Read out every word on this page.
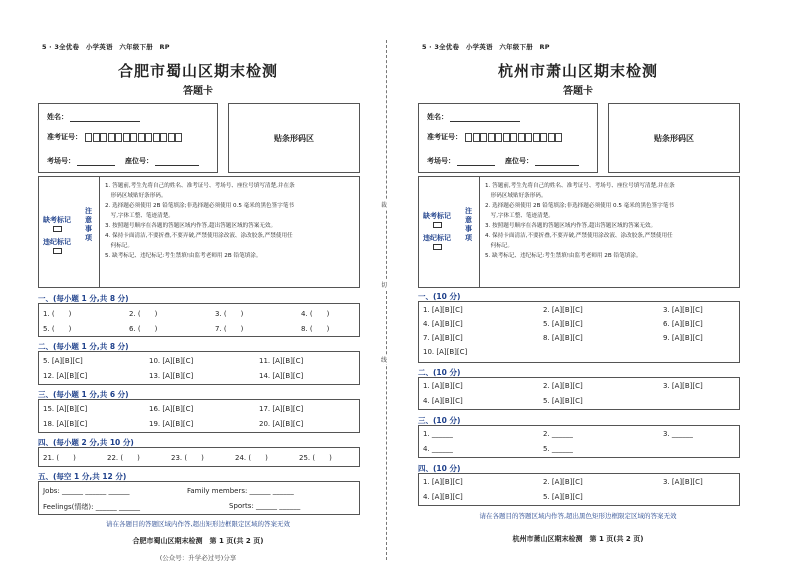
5 · 3全优卷　小学英语　六年级下册　RP
合肥市蜀山区期末检测
答题卡
姓名：
准考证号：
考场号：	座位号：
贴条形码区
缺考标记
违纪标记
注意事项
1. 答题前,考生先将自己的姓名、准考证号、考场号、座位号填写清楚,并在条
　形码区域贴好条形码。
2. 选择题必须使用 2B 铅笔填涂;非选择题必须使用 0.5 毫米的黑色签字笔书
　写,字体工整、笔迹清楚。
3. 按照题号顺序在各题的答题区域内作答,超出答题区域的答案无效。
4. 保持卡面清洁,不要折叠,不要弄破,严禁使用涂改液、涂改胶条,严禁使用任
　何标记。
5. 缺考标记、违纪标记:考生禁填!由监考老师用 2B 铅笔填涂。
一、(每小题 1 分,共 8 分)
1. (　　)	2. (　　)	3. (　　)	4. (　　)
5. (　　)	6. (　　)	7. (　　)	8. (　　)
二、(每小题 1 分,共 8 分)
5. [A][B][C]	10. [A][B][C]	11. [A][B][C]
12. [A][B][C]	13. [A][B][C]	14. [A][B][C]
三、(每小题 1 分,共 6 分)
15. [A][B][C]	16. [A][B][C]	17. [A][B][C]
18. [A][B][C]	19. [A][B][C]	20. [A][B][C]
四、(每小题 2 分,共 10 分)
21. (　　)	22. (　　)	23. (　　)	24. (　　)	25. (　　)
五、(每空 1 分,共 12 分)
Jobs: ______ ______ ______	Family members: ______ ______
Feelings(情绪): ______ ______	Sports: ______ ______
请在各题目的答题区域内作答,超出矩形边框限定区域的答案无效
合肥市蜀山区期末检测　第 1 页(共 2 页)
(公众号：升学必过号)分享
裁
切
线
5 · 3全优卷　小学英语　六年级下册　RP
杭州市萧山区期末检测
答题卡
姓名：
准考证号：
考场号：	座位号：
贴条形码区
缺考标记
违纪标记
注意事项
1. 答题前,考生先将自己的姓名、准考证号、考场号、座位号填写清楚,并在条
　形码区域贴好条形码。
2. 选择题必须使用 2B 铅笔填涂;非选择题必须使用 0.5 毫米的黑色签字笔书
　写,字体工整、笔迹清楚。
3. 按照题号顺序在各题的答题区域内作答,超出答题区域的答案无效。
4. 保持卡面清洁,不要折叠,不要弄破,严禁使用涂改液、涂改胶条,严禁使用任
　何标记。
5. 缺考标记、违纪标记:考生禁填!由监考老师用 2B 铅笔填涂。
一、(10 分)
1. [A][B][C]	2. [A][B][C]	3. [A][B][C]
4. [A][B][C]	5. [A][B][C]	6. [A][B][C]
7. [A][B][C]	8. [A][B][C]	9. [A][B][C]
10. [A][B][C]
二、(10 分)
1. [A][B][C]	2. [A][B][C]	3. [A][B][C]
4. [A][B][C]	5. [A][B][C]
三、(10 分)
1. ______	2. ______	3. ______
4. ______	5. ______
四、(10 分)
1. [A][B][C]	2. [A][B][C]	3. [A][B][C]
4. [A][B][C]	5. [A][B][C]
请在各题目的答题区域内作答,超出黑色矩形边框限定区域的答案无效
杭州市萧山区期末检测　第 1 页(共 2 页)
